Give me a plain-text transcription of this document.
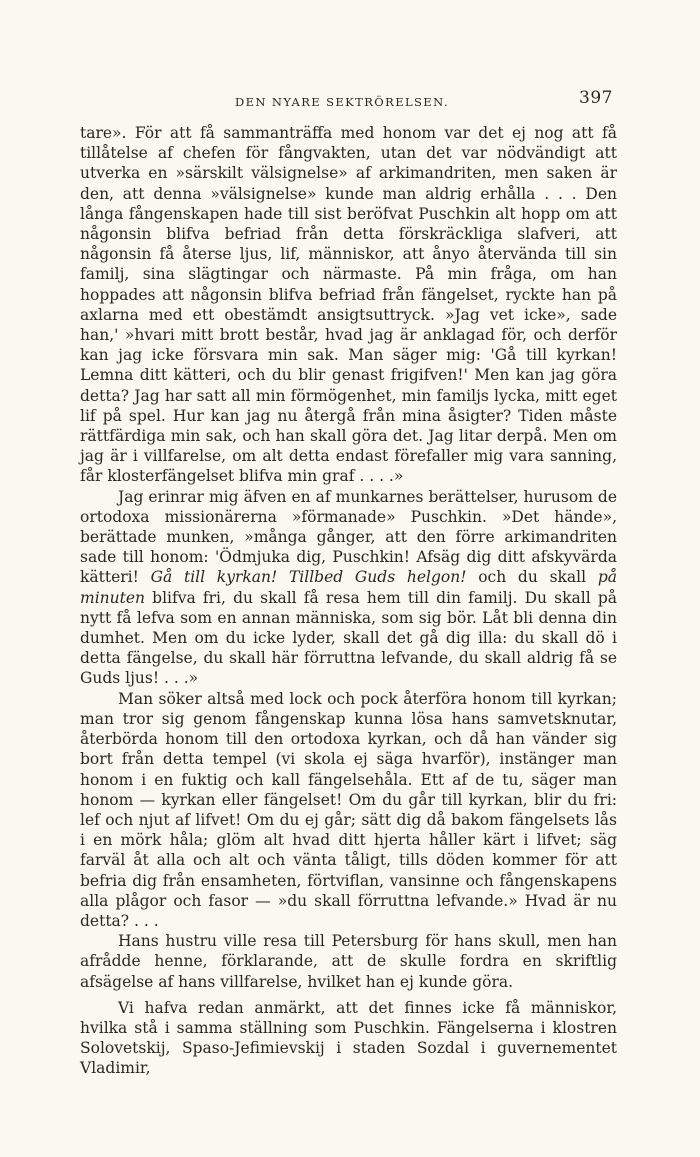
DEN NYARE SEKTRÖRELSEN.	397

tare». För att få sammanträffa med honom var det ej nog att få tillåtelse af chefen för fångvakten, utan det var nödvändigt att utverka en »särskilt välsignelse» af arkimandriten, men saken är den, att denna »välsignelse» kunde man aldrig erhålla . . . Den långa fångenskapen hade till sist beröfvat Puschkin alt hopp om att någonsin blifva befriad från detta förskräckliga slafveri, att någonsin få återse ljus, lif, människor, att ånyo återvända till sin familj, sina slägtingar och närmaste. På min fråga, om han hoppades att någonsin blifva befriad från fängelset, ryckte han på axlarna med ett obestämdt ansigtsuttryck. »Jag vet icke», sade han,' »hvari mitt brott består, hvad jag är anklagad för, och derför kan jag icke försvara min sak. Man säger mig: 'Gå till kyrkan! Lemna ditt kätteri, och du blir genast frigifven!' Men kan jag göra detta? Jag har satt all min förmögenhet, min familjs lycka, mitt eget lif på spel. Hur kan jag nu återgå från mina åsigter? Tiden måste rättfärdiga min sak, och han skall göra det. Jag litar derpå. Men om jag är i villfarelse, om alt detta endast förefaller mig vara sanning, får klosterfängelset blifva min graf . . . .»

Jag erinrar mig äfven en af munkarnes berättelser, hurusom de ortodoxa missionärerna »förmanade» Puschkin. »Det hände», berättade munken, »många gånger, att den förre arkimandriten sade till honom: 'Ödmjuka dig, Puschkin! Afsäg dig ditt afskyvärda kätteri! Gå till kyrkan! Tillbed Guds helgon! och du skall på minuten blifva fri, du skall få resa hem till din familj. Du skall på nytt få lefva som en annan människa, som sig bör. Låt bli denna din dumhet. Men om du icke lyder, skall det gå dig illa: du skall dö i detta fängelse, du skall här förruttna lefvande, du skall aldrig få se Guds ljus! . . .»

Man söker altså med lock och pock återföra honom till kyrkan; man tror sig genom fångenskap kunna lösa hans samvetsknutar, återbörda honom till den ortodoxa kyrkan, och då han vänder sig bort från detta tempel (vi skola ej säga hvarför), instänger man honom i en fuktig och kall fängelsehåla. Ett af de tu, säger man honom — kyrkan eller fängelset! Om du går till kyrkan, blir du fri: lef och njut af lifvet! Om du ej går; sätt dig då bakom fängelsets lås i en mörk håla; glöm alt hvad ditt hjerta håller kärt i lifvet; säg farväl åt alla och alt och vänta tåligt, tills döden kommer för att befria dig från ensamheten, förtviflan, vansinne och fångenskapens alla plågor och fasor — »du skall förruttna lefvande.» Hvad är nu detta? . . .

Hans hustru ville resa till Petersburg för hans skull, men han afrådde henne, förklarande, att de skulle fordra en skriftlig afsägelse af hans villfarelse, hvilket han ej kunde göra.

Vi hafva redan anmärkt, att det finnes icke få människor, hvilka stå i samma ställning som Puschkin. Fängelserna i klostren Solovetskij, Spaso-Jefimievskij i staden Sozdal i guvernementet Vladimir,
